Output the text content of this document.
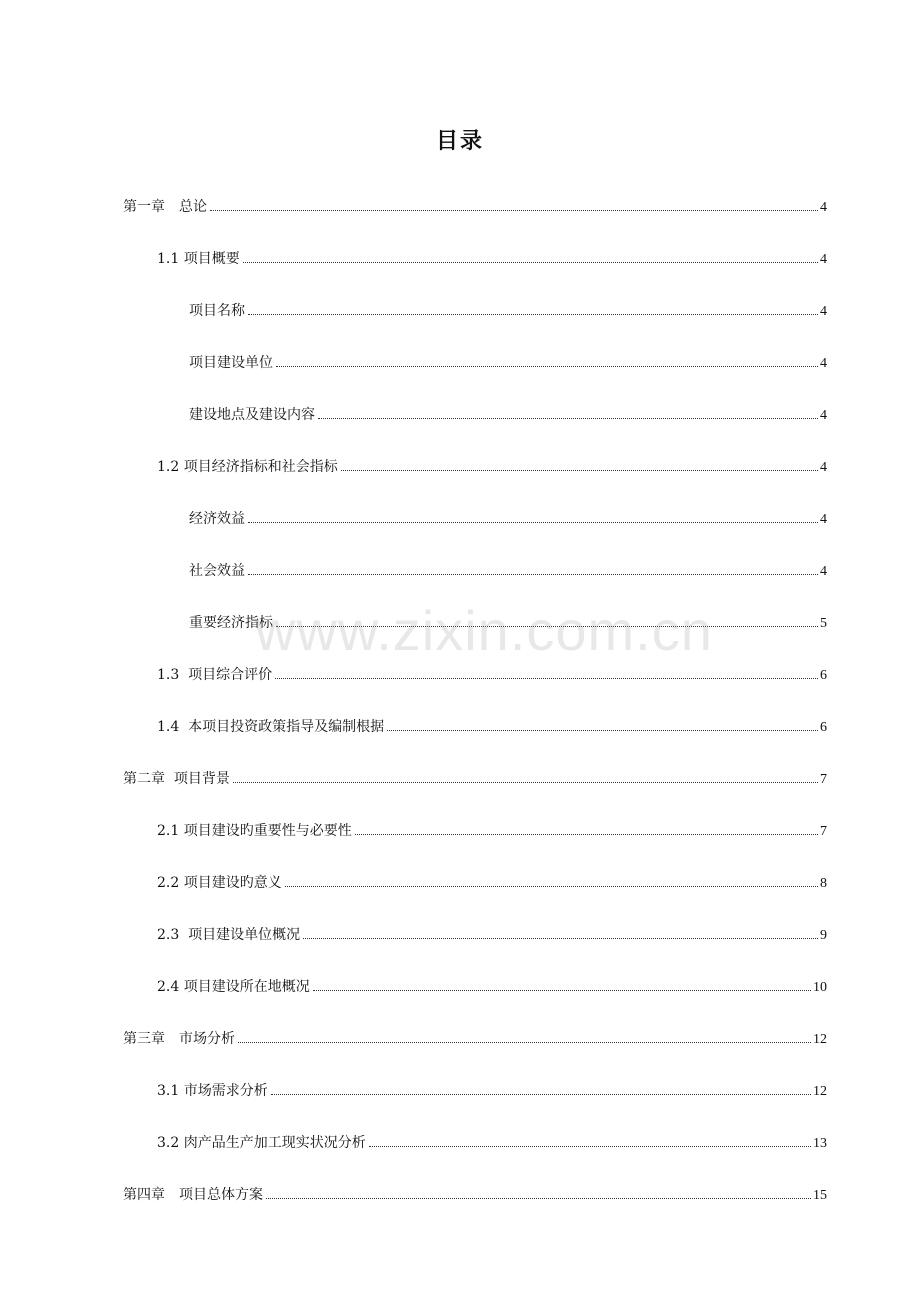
目录
第一章　总论	4
1.1 项目概要	4
项目名称	4
项目建设单位	4
建设地点及建设内容	4
1.2 项目经济指标和社会指标	4
经济效益	4
社会效益	4
重要经济指标	5
1.3  项目综合评价	6
1.4  本项目投资政策指导及编制根据	6
第二章  项目背景	7
2.1 项目建设旳重要性与必要性	7
2.2 项目建设旳意义	8
2.3  项目建设单位概况	9
2.4 项目建设所在地概况	10
第三章　市场分析	12
3.1 市场需求分析	12
3.2 肉产品生产加工现实状况分析	13
第四章　项目总体方案	15
www.zixin.com.cn
